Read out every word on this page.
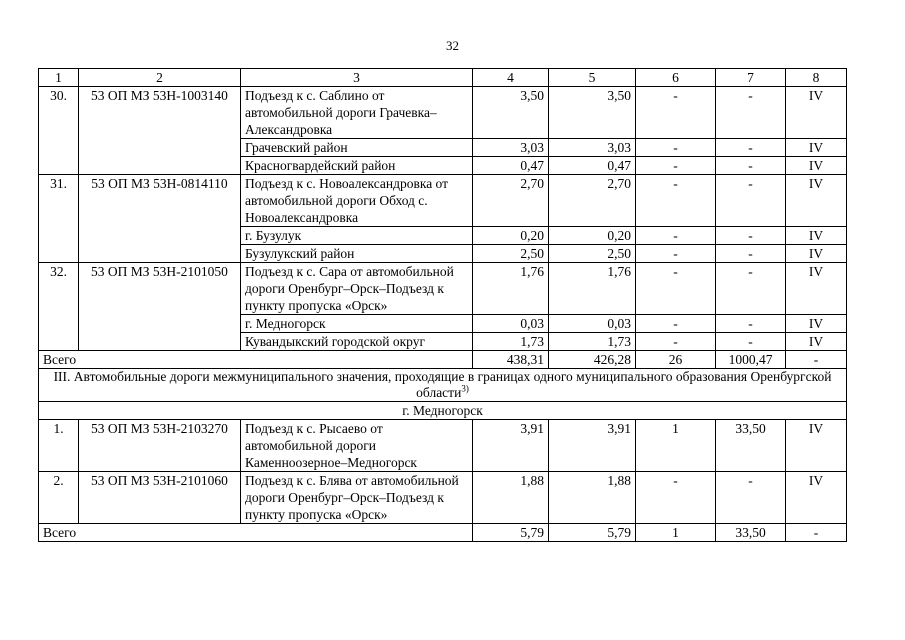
32
1	2	3	4	5	6	7	8
30.	53 ОП МЗ 53Н-1003140	Подъезд к с. Саблино от автомобильной дороги Грачевка–Александровка	3,50	3,50	-	-	IV
		Грачевский район	3,03	3,03	-	-	IV
		Красногвардейский район	0,47	0,47	-	-	IV
31.	53 ОП МЗ 53Н-0814110	Подъезд к с. Новоалександровка от автомобильной дороги Обход с. Новоалександровка	2,70	2,70	-	-	IV
		г. Бузулук	0,20	0,20	-	-	IV
		Бузулукский район	2,50	2,50	-	-	IV
32.	53 ОП МЗ 53Н-2101050	Подъезд к с. Сара от автомобильной дороги Оренбург–Орск–Подъезд к пункту пропуска «Орск»	1,76	1,76	-	-	IV
		г. Медногорск	0,03	0,03	-	-	IV
		Кувандыкский городской округ	1,73	1,73	-	-	IV
Всего			438,31	426,28	26	1000,47	-
III. Автомобильные дороги межмуниципального значения, проходящие в границах одного муниципального образования Оренбургской области$^{3)}$
г. Медногорск							
1.	53 ОП МЗ 53Н-2103270	Подъезд к с. Рысаево от автомобильной дороги Каменноозерное–Медногорск	3,91	3,91	1	33,50	IV
2.	53 ОП МЗ 53Н-2101060	Подъезд к с. Блява от автомобильной дороги Оренбург–Орск–Подъезд к пункту пропуска «Орск»	1,88	1,88	-	-	IV
Всего			5,79	5,79	1	33,50	-
